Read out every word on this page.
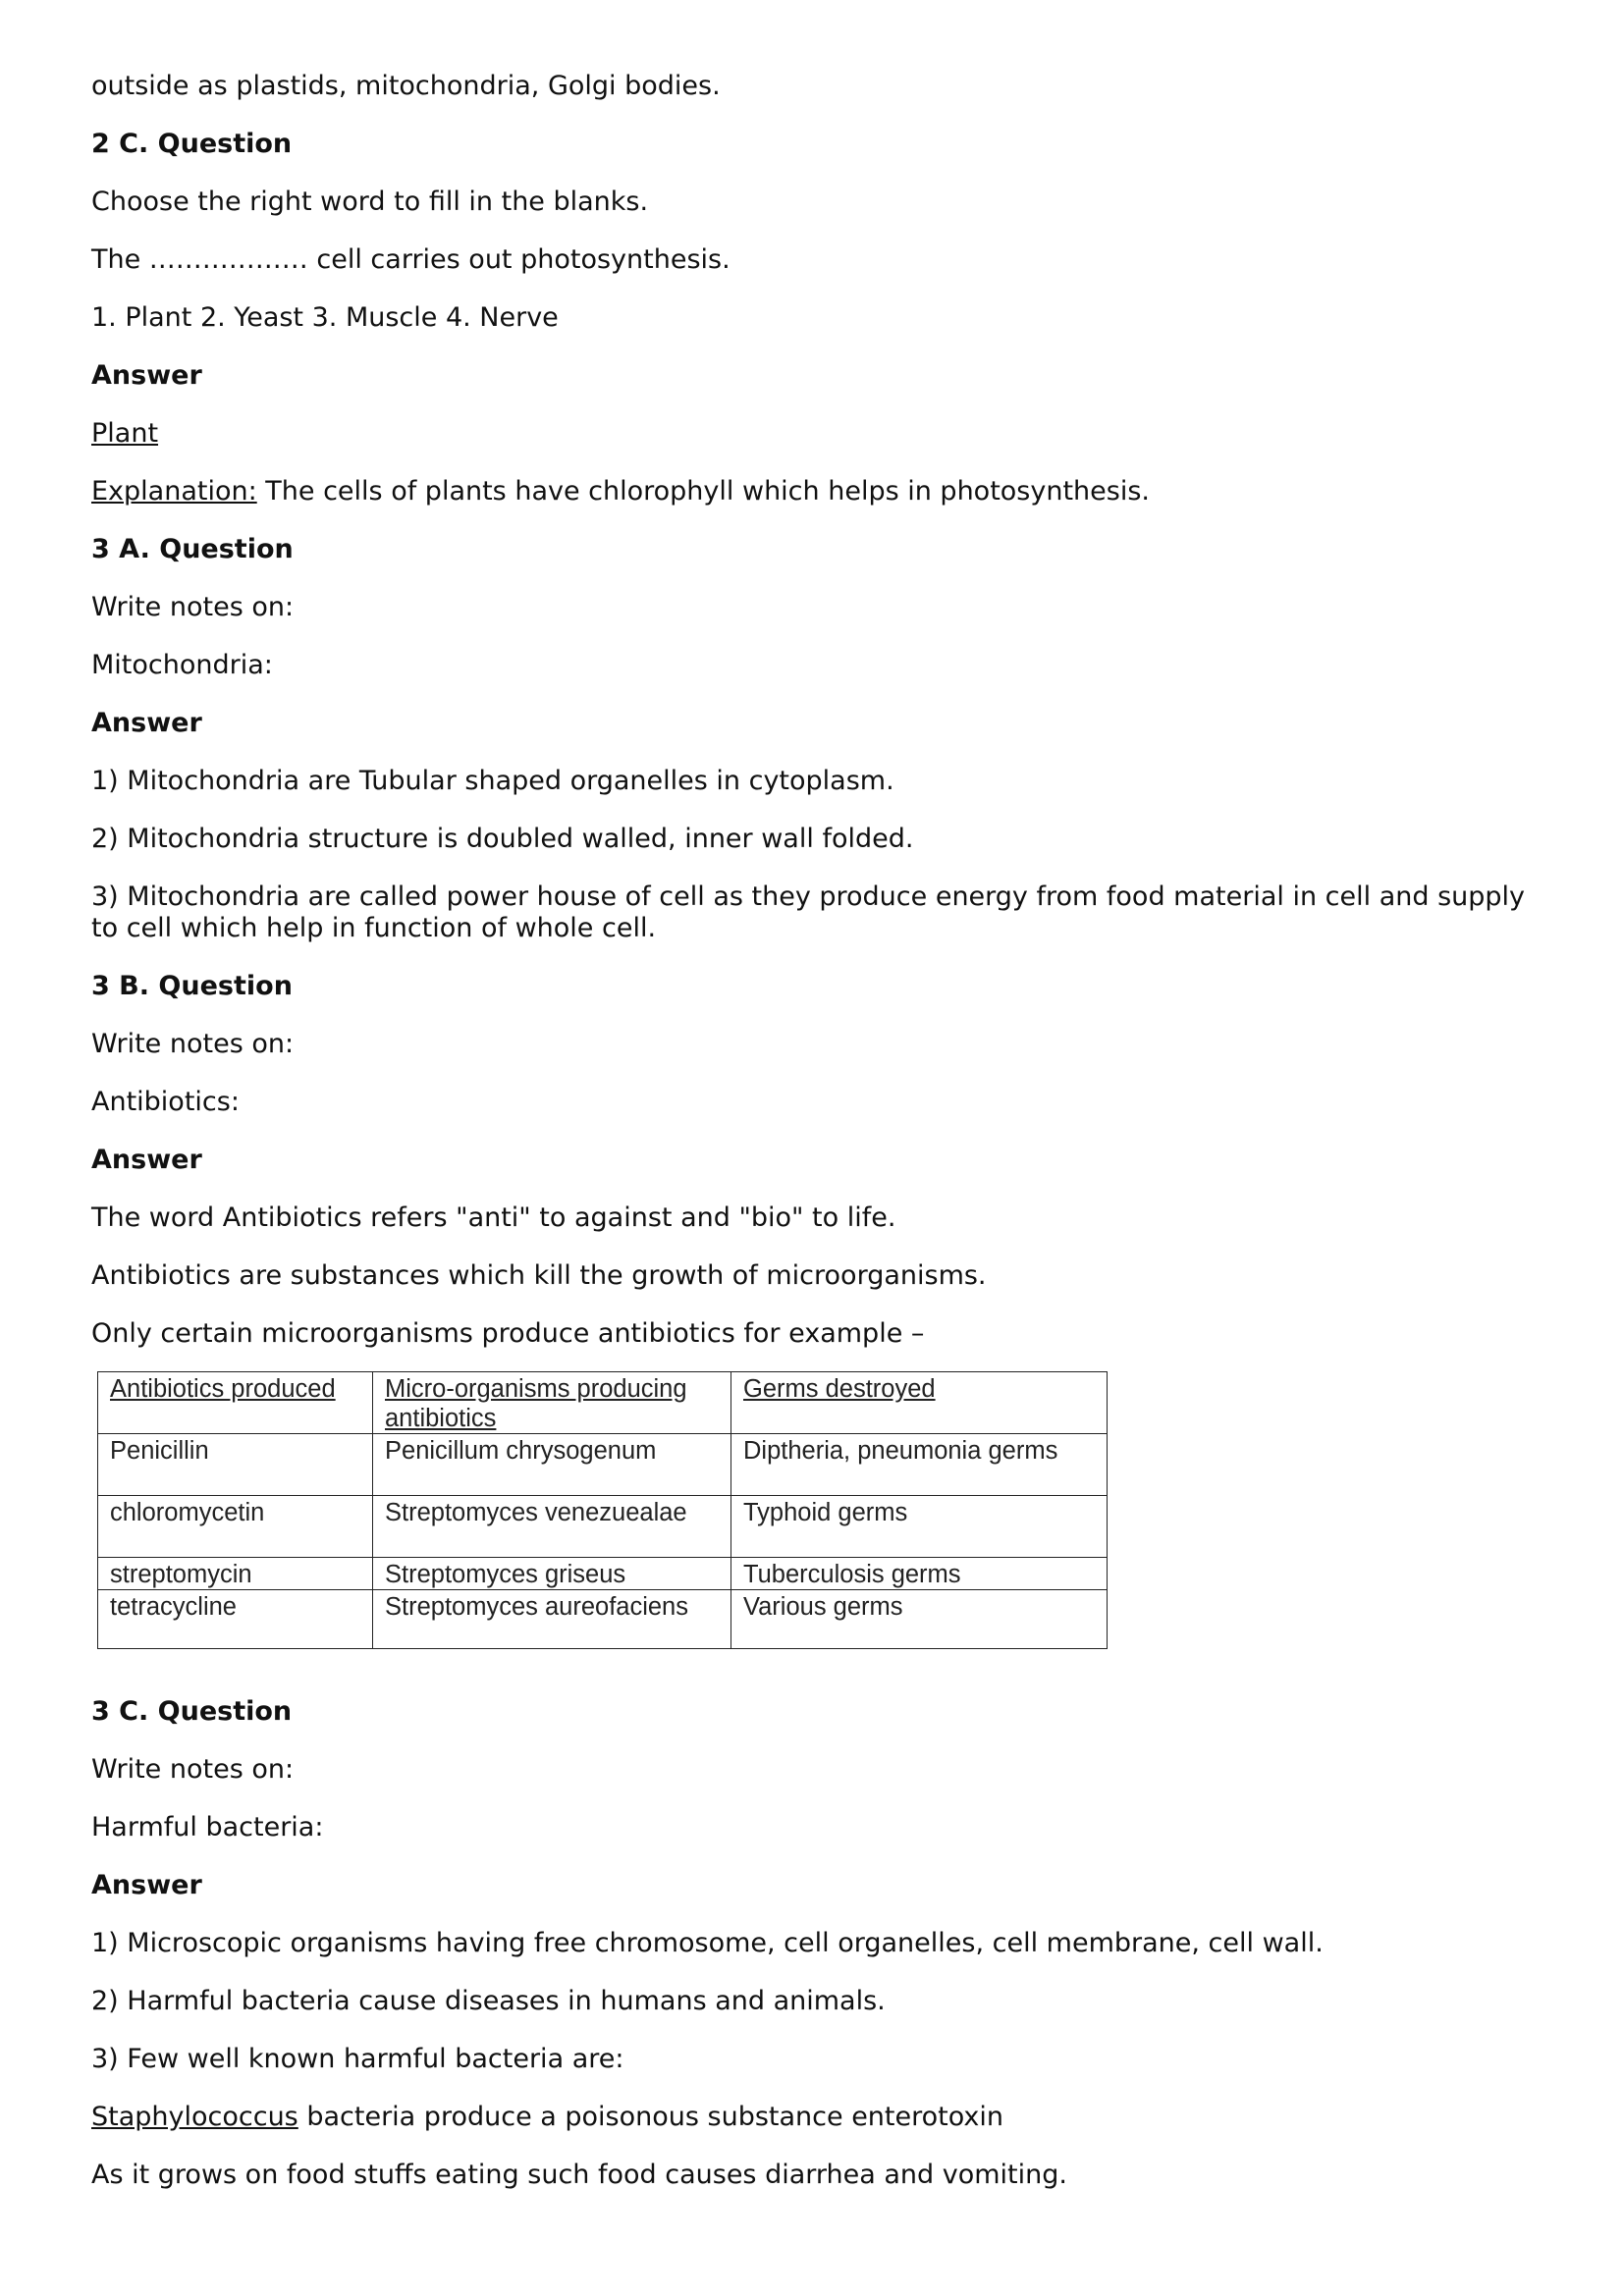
outside as plastids, mitochondria, Golgi bodies.

2 C. Question

Choose the right word to fill in the blanks.

The ……………… cell carries out photosynthesis.

1. Plant 2. Yeast 3. Muscle 4. Nerve

Answer

Plant

Explanation: The cells of plants have chlorophyll which helps in photosynthesis.

3 A. Question

Write notes on:

Mitochondria:

Answer

1) Mitochondria are Tubular shaped organelles in cytoplasm.

2) Mitochondria structure is doubled walled, inner wall folded.

3) Mitochondria are called power house of cell as they produce energy from food material in cell and supply to cell which help in function of whole cell.

3 B. Question

Write notes on:

Antibiotics:

Answer

The word Antibiotics refers "anti" to against and "bio" to life.

Antibiotics are substances which kill the growth of microorganisms.

Only certain microorganisms produce antibiotics for example –

Antibiotics produced	Micro-organisms producing antibiotics	Germs destroyed
Penicillin	Penicillum chrysogenum	Diptheria, pneumonia germs
chloromycetin	Streptomyces venezuealae	Typhoid germs
streptomycin	Streptomyces griseus	Tuberculosis germs
tetracycline	Streptomyces aureofaciens	Various germs

3 C. Question

Write notes on:

Harmful bacteria:

Answer

1) Microscopic organisms having free chromosome, cell organelles, cell membrane, cell wall.

2) Harmful bacteria cause diseases in humans and animals.

3) Few well known harmful bacteria are:

Staphylococcus bacteria produce a poisonous substance enterotoxin

As it grows on food stuffs eating such food causes diarrhea and vomiting.
